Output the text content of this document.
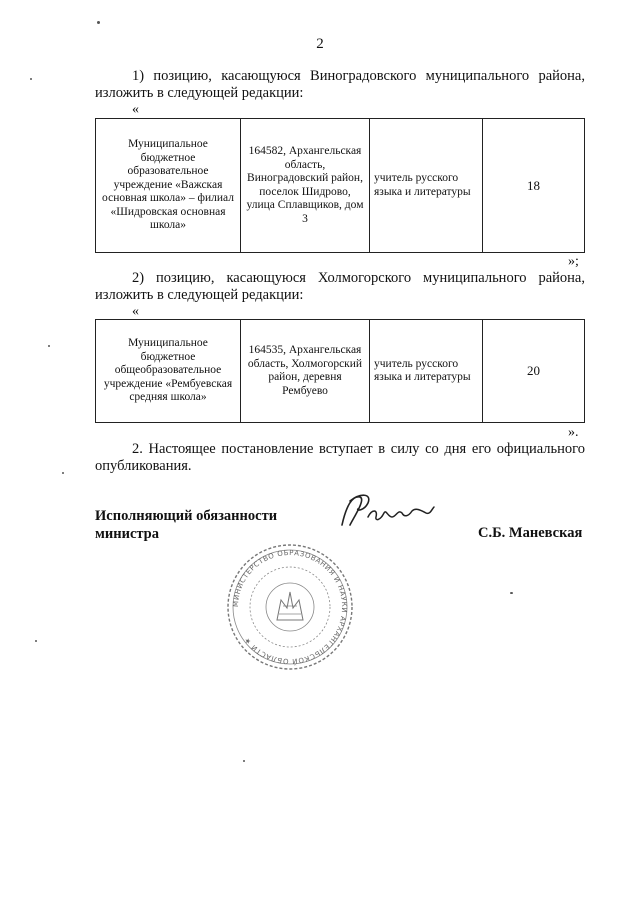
2
1) позицию, касающуюся Виноградовского муниципального района, изложить в следующей редакции:
«
Муниципальное бюджетное образовательное учреждение «Важская основная школа» – филиал «Шидровская основная школа»	164582, Архангельская область, Виноградовский район, поселок Шидрово, улица Сплавщиков, дом 3	учитель русского языка и литературы	18
»;
2) позицию, касающуюся Холмогорского муниципального района, изложить в следующей редакции:
«
Муниципальное бюджетное общеобразовательное учреждение «Рембуевская средняя школа»	164535, Архангельская область, Холмогорский район, деревня Рембуево	учитель русского языка и литературы	20
».
2. Настоящее постановление вступает в силу со дня его официального опубликования.
Исполняющий обязанности
министра	С.Б. Маневская
МИНИСТЕРСТВО ОБРАЗОВАНИЯ И НАУКИ АРХАНГЕЛЬСКОЙ ОБЛАСТИ ★
